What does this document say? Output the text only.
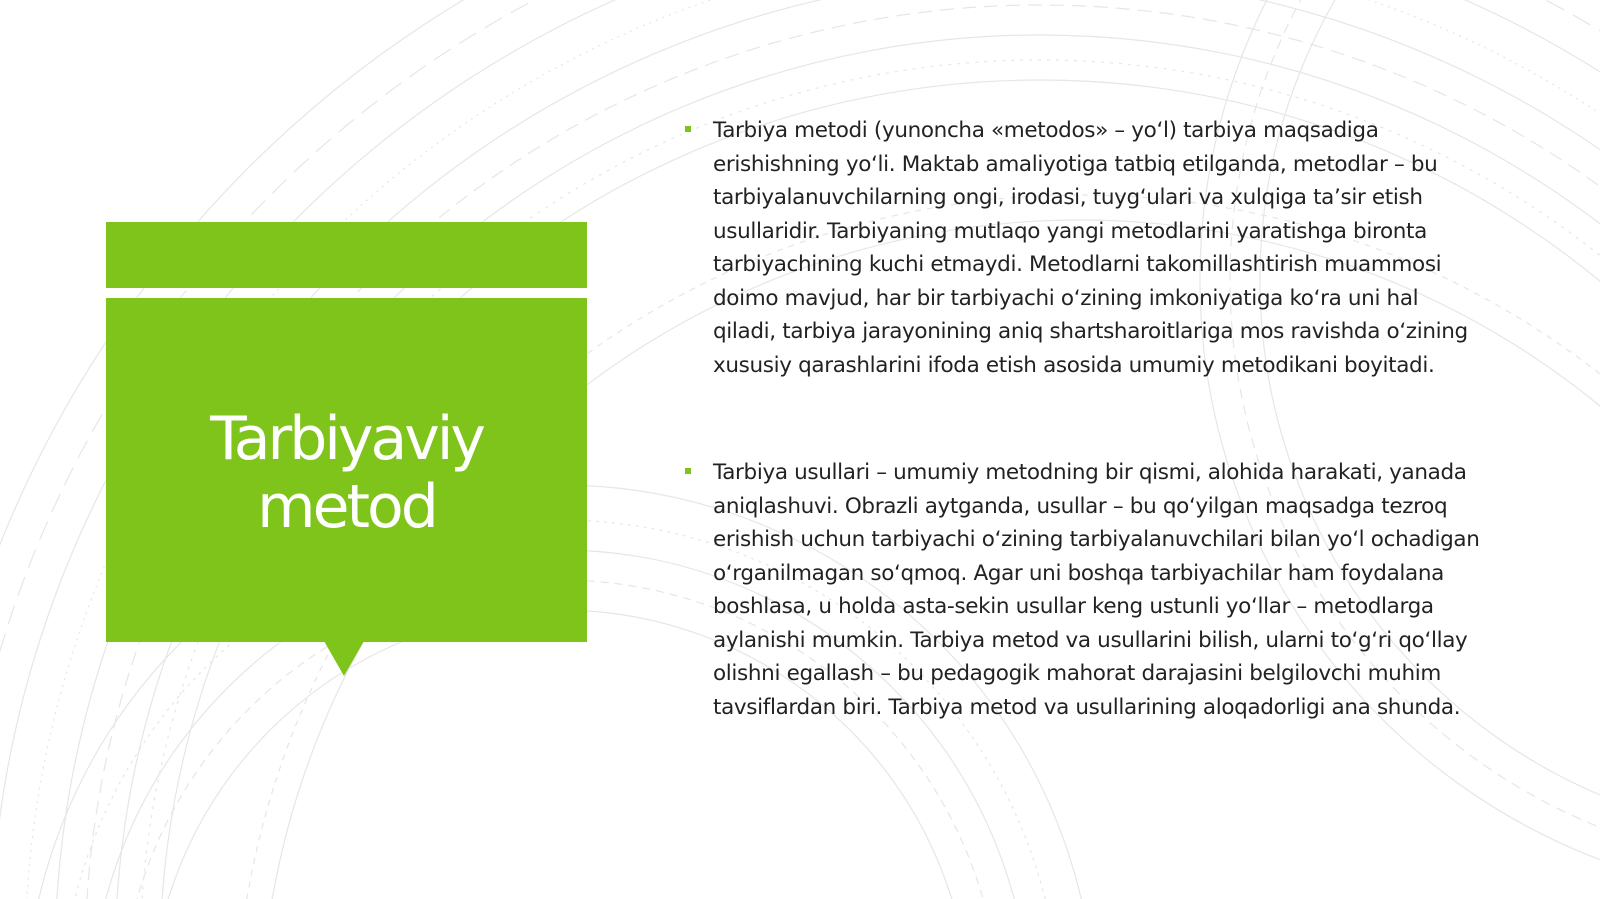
Tarbiyaviy metod
Tarbiya metodi (yunoncha «metodos» – yo‘l) tarbiya maqsadiga erishishning yo‘li. Maktab amaliyotiga tatbiq etilganda, metodlar – bu tarbiyalanuvchilarning ongi, irodasi, tuyg‘ulari va xulqiga ta’sir etish usullaridir. Tarbiyaning mutlaqo yangi metodlarini yaratishga bironta tarbiyachining kuchi etmaydi. Metodlarni takomillashtirish muammosi doimo mavjud, har bir tarbiyachi o‘zining imkoniyatiga ko‘ra uni hal qiladi, tarbiya jarayonining aniq shartsharoitlariga mos ravishda o‘zining xususiy qarashlarini ifoda etish asosida umumiy metodikani boyitadi.
Tarbiya usullari – umumiy metodning bir qismi, alohida harakati, yanada aniqlashuvi. Obrazli aytganda, usullar – bu qo‘yilgan maqsadga tezroq erishish uchun tarbiyachi o‘zining tarbiyalanuvchilari bilan yo‘l ochadigan o‘rganilmagan so‘qmoq. Agar uni boshqa tarbiyachilar ham foydalana boshlasa, u holda asta-sekin usullar keng ustunli yo‘llar – metodlarga aylanishi mumkin. Tarbiya metod va usullarini bilish, ularni to‘g‘ri qo‘llay olishni egallash – bu pedagogik mahorat darajasini belgilovchi muhim tavsiflardan biri. Tarbiya metod va usullarining aloqadorligi ana shunda.
